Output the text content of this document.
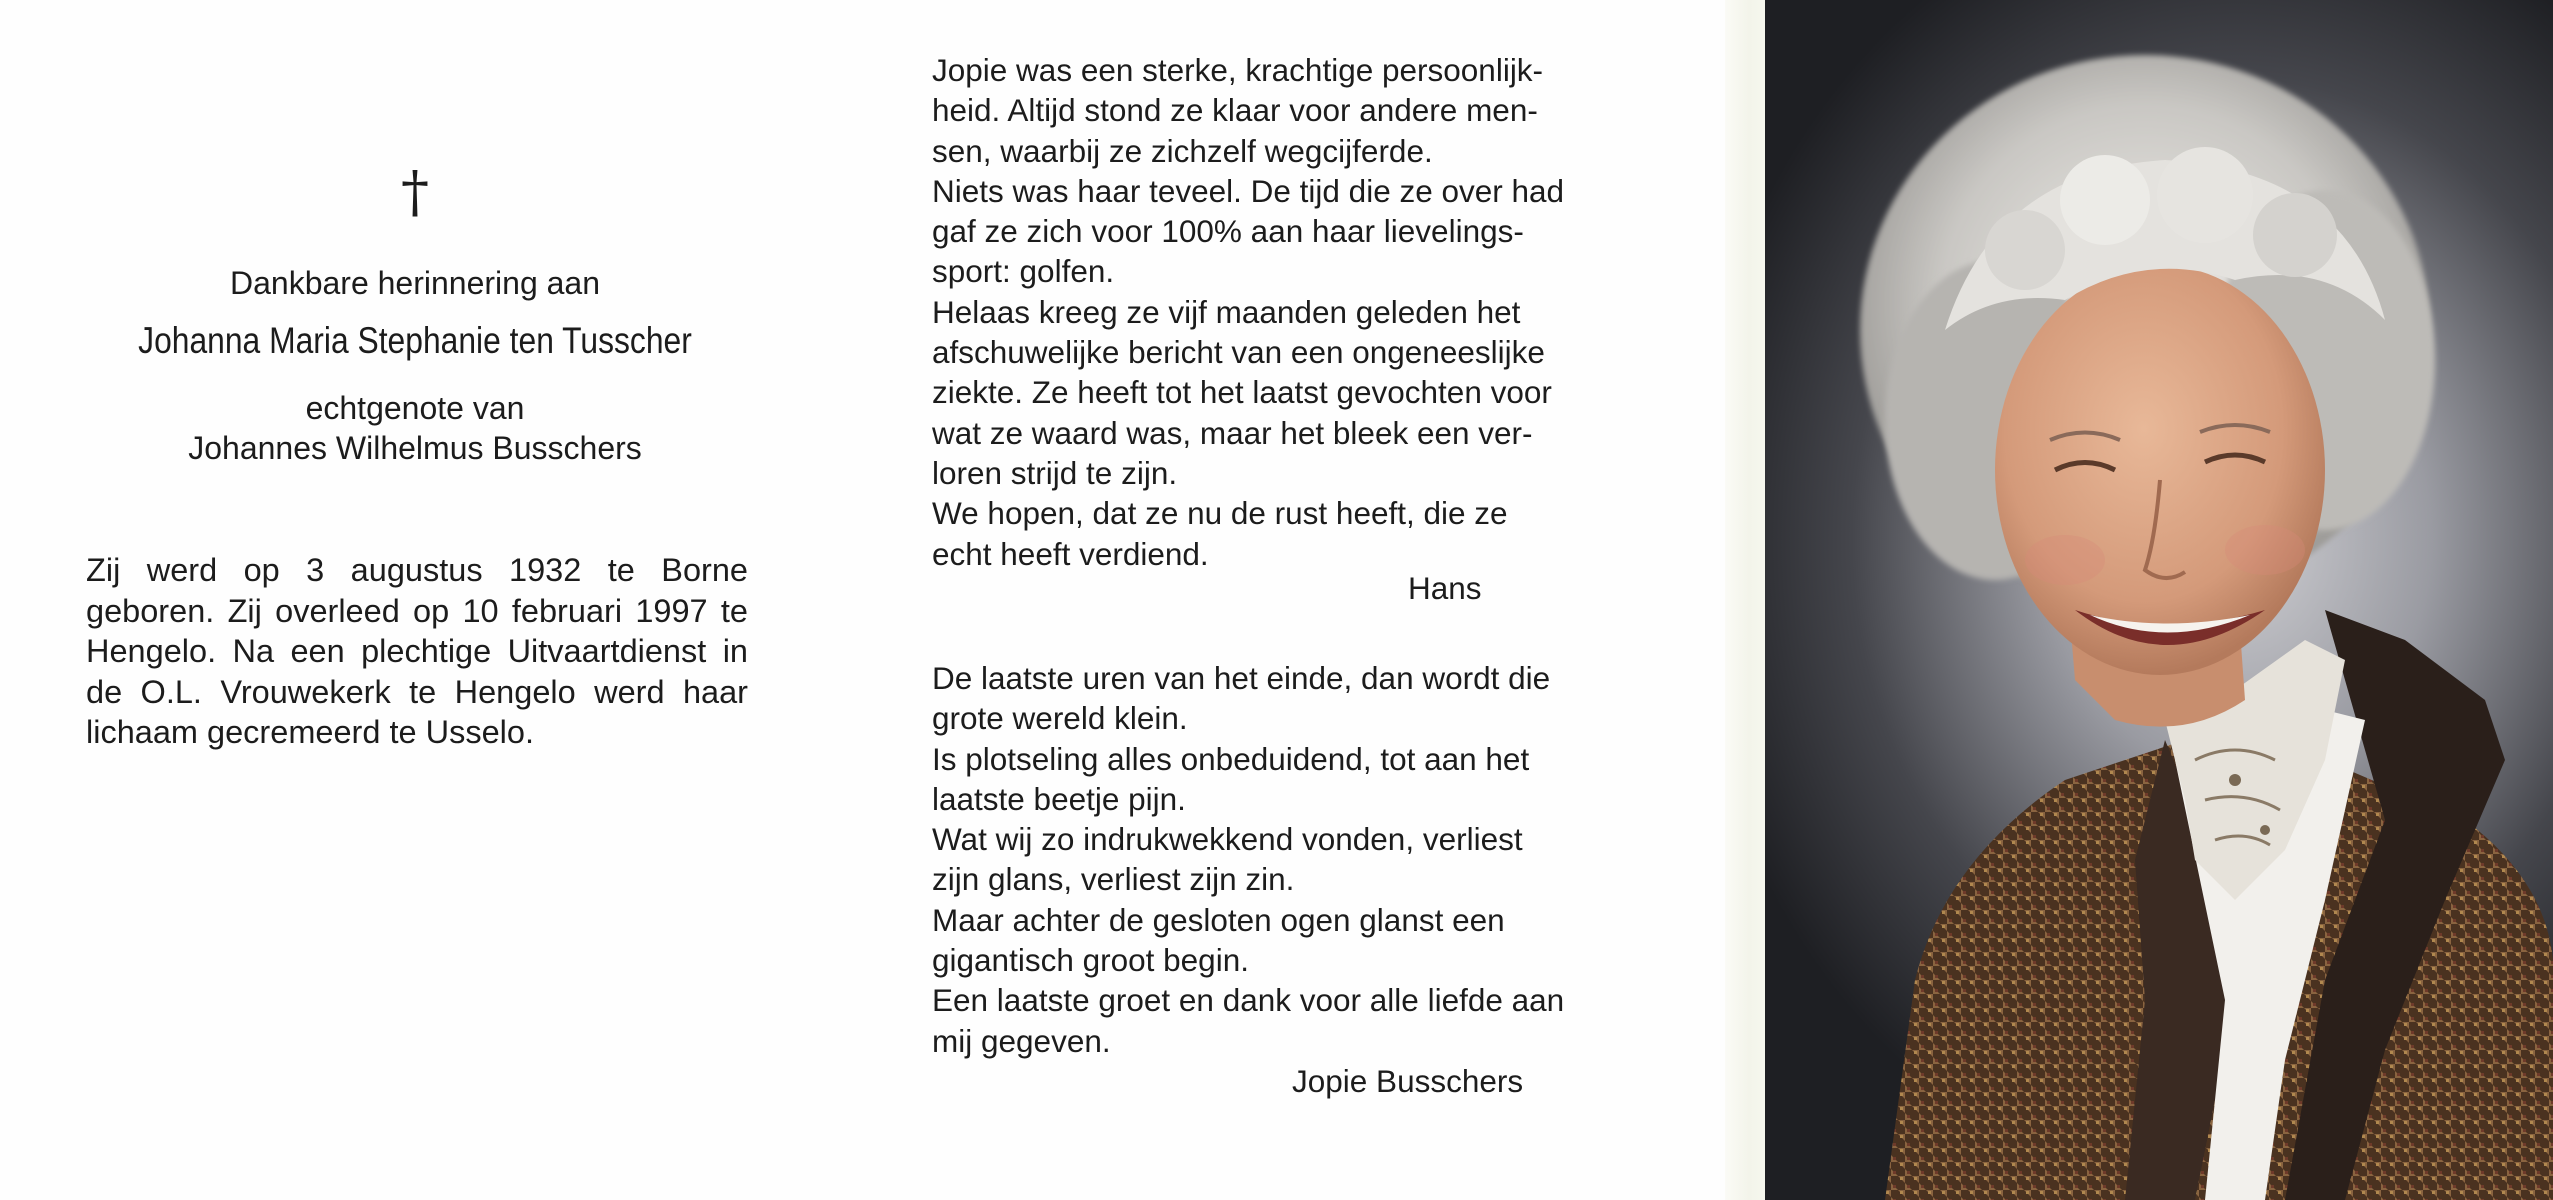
†
Dankbare herinnering aan
Johanna Maria Stephanie ten Tusscher
echtgenote van
Johannes Wilhelmus Busschers

Zij werd op 3 augustus 1932 te Borne geboren. Zij overleed op 10 februari 1997 te Hengelo. Na een plechtige Uitvaartdienst in de O.L. Vrouwekerk te Hengelo werd haar lichaam gecremeerd te Usselo.

Jopie was een sterke, krachtige persoonlijk-
heid. Altijd stond ze klaar voor andere men-
sen, waarbij ze zichzelf wegcijferde.
Niets was haar teveel. De tijd die ze over had
gaf ze zich voor 100% aan haar lievelings-
sport: golfen.
Helaas kreeg ze vijf maanden geleden het
afschuwelijke bericht van een ongeneeslijke
ziekte. Ze heeft tot het laatst gevochten voor
wat ze waard was, maar het bleek een ver-
loren strijd te zijn.
We hopen, dat ze nu de rust heeft, die ze
echt heeft verdiend.
Hans
De laatste uren van het einde, dan wordt die
grote wereld klein.
Is plotseling alles onbeduidend, tot aan het
laatste beetje pijn.
Wat wij zo indrukwekkend vonden, verliest
zijn glans, verliest zijn zin.
Maar achter de gesloten ogen glanst een
gigantisch groot begin.
Een laatste groet en dank voor alle liefde aan
mij gegeven.
Jopie Busschers
